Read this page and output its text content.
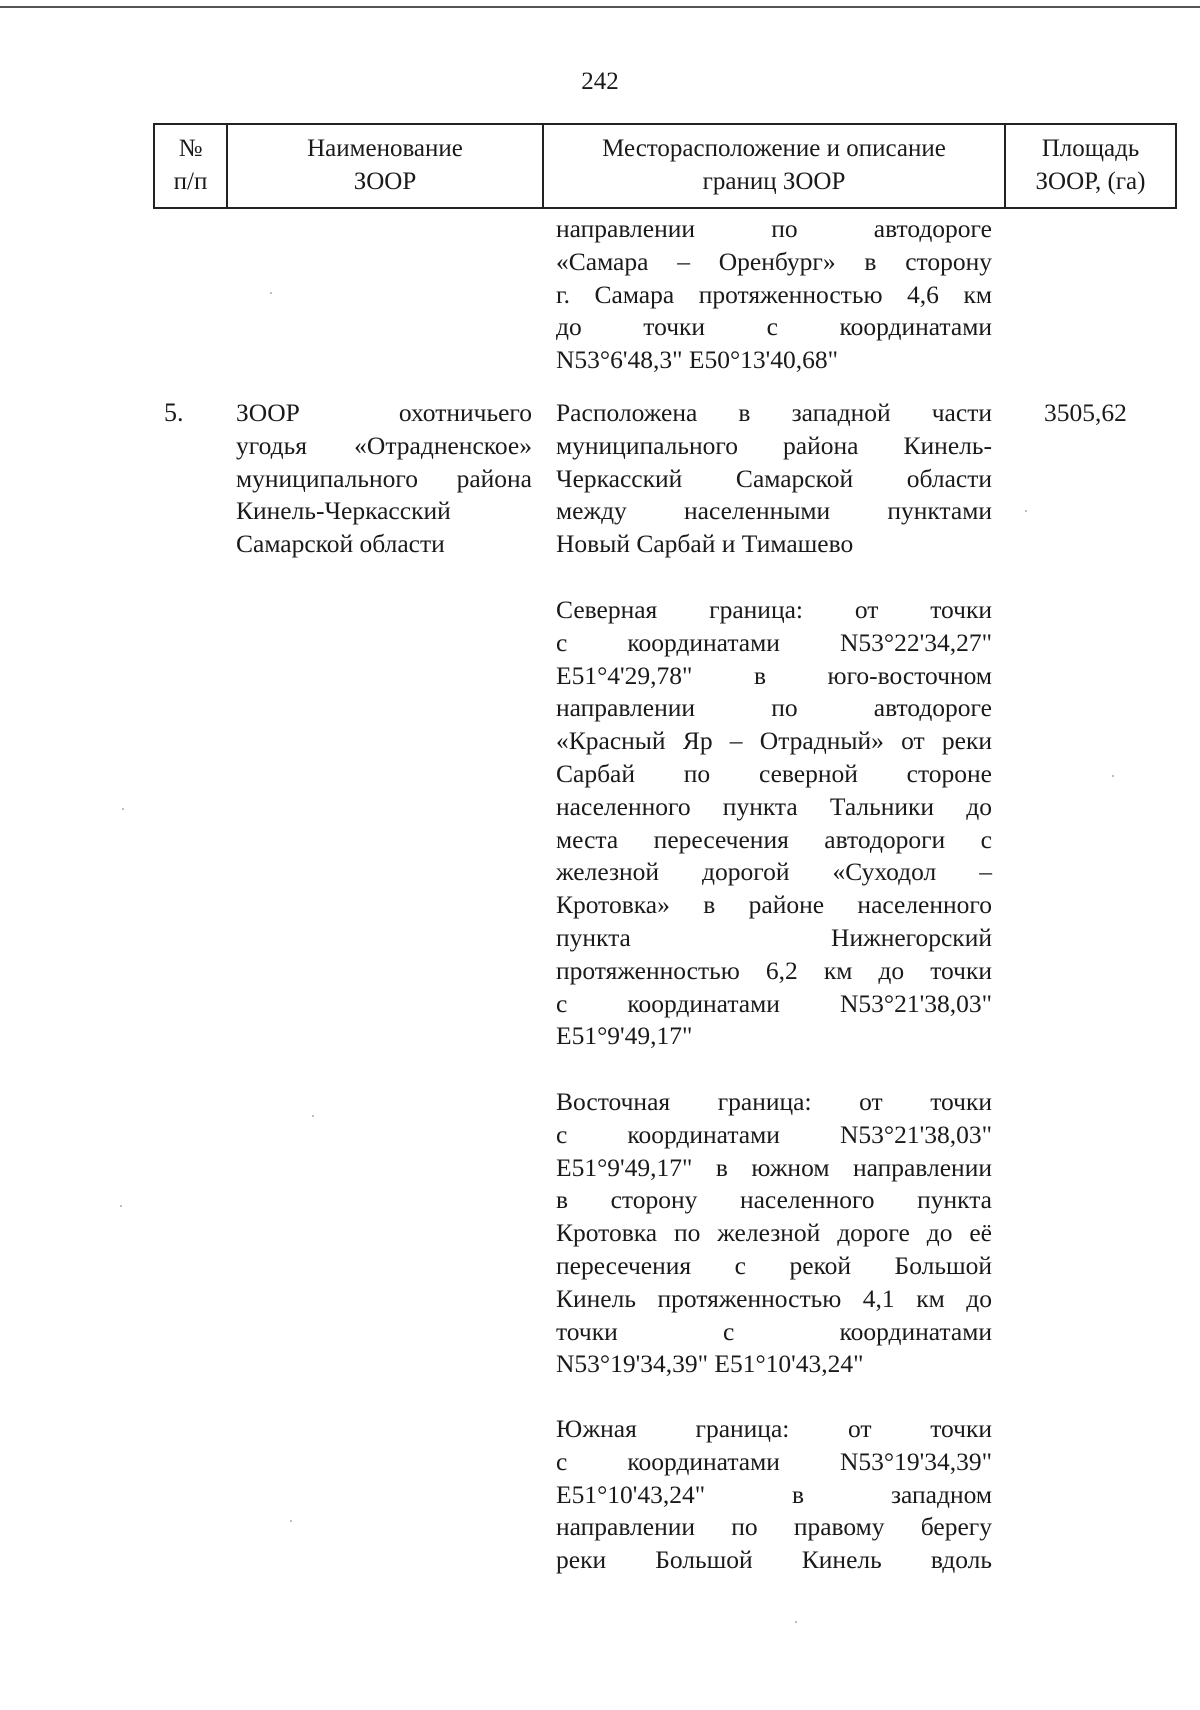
242
№
п/п
Наименование
ЗООР
Месторасположение и описание
границ ЗООР
Площадь
ЗООР, (га)
направлении по автодороге
«Самара – Оренбург» в сторону
г. Самара протяженностью 4,6 км
до точки с координатами
N53°6'48,3" E50°13'40,68"
5. ЗООР охотничьего
угодья «Отрадненское»
муниципального района
Кинель-Черкасский
Самарской области
3505,62
Расположена в западной части
муниципального района Кинель-
Черкасский Самарской области
между населенными пунктами
Новый Сарбай и Тимашево
Северная граница: от точки
с координатами N53°22'34,27"
E51°4'29,78" в юго-восточном
направлении по автодороге
«Красный Яр – Отрадный» от реки
Сарбай по северной стороне
населенного пункта Тальники до
места пересечения автодороги с
железной дорогой «Суходол –
Кротовка» в районе населенного
пункта Нижнегорский
протяженностью 6,2 км до точки
с координатами N53°21'38,03"
E51°9'49,17"
Восточная граница: от точки
с координатами N53°21'38,03"
E51°9'49,17" в южном направлении
в сторону населенного пункта
Кротовка по железной дороге до её
пересечения с рекой Большой
Кинель протяженностью 4,1 км до
точки с координатами
N53°19'34,39" E51°10'43,24"
Южная граница: от точки
с координатами N53°19'34,39"
E51°10'43,24" в западном
направлении по правому берегу
реки Большой Кинель вдоль
